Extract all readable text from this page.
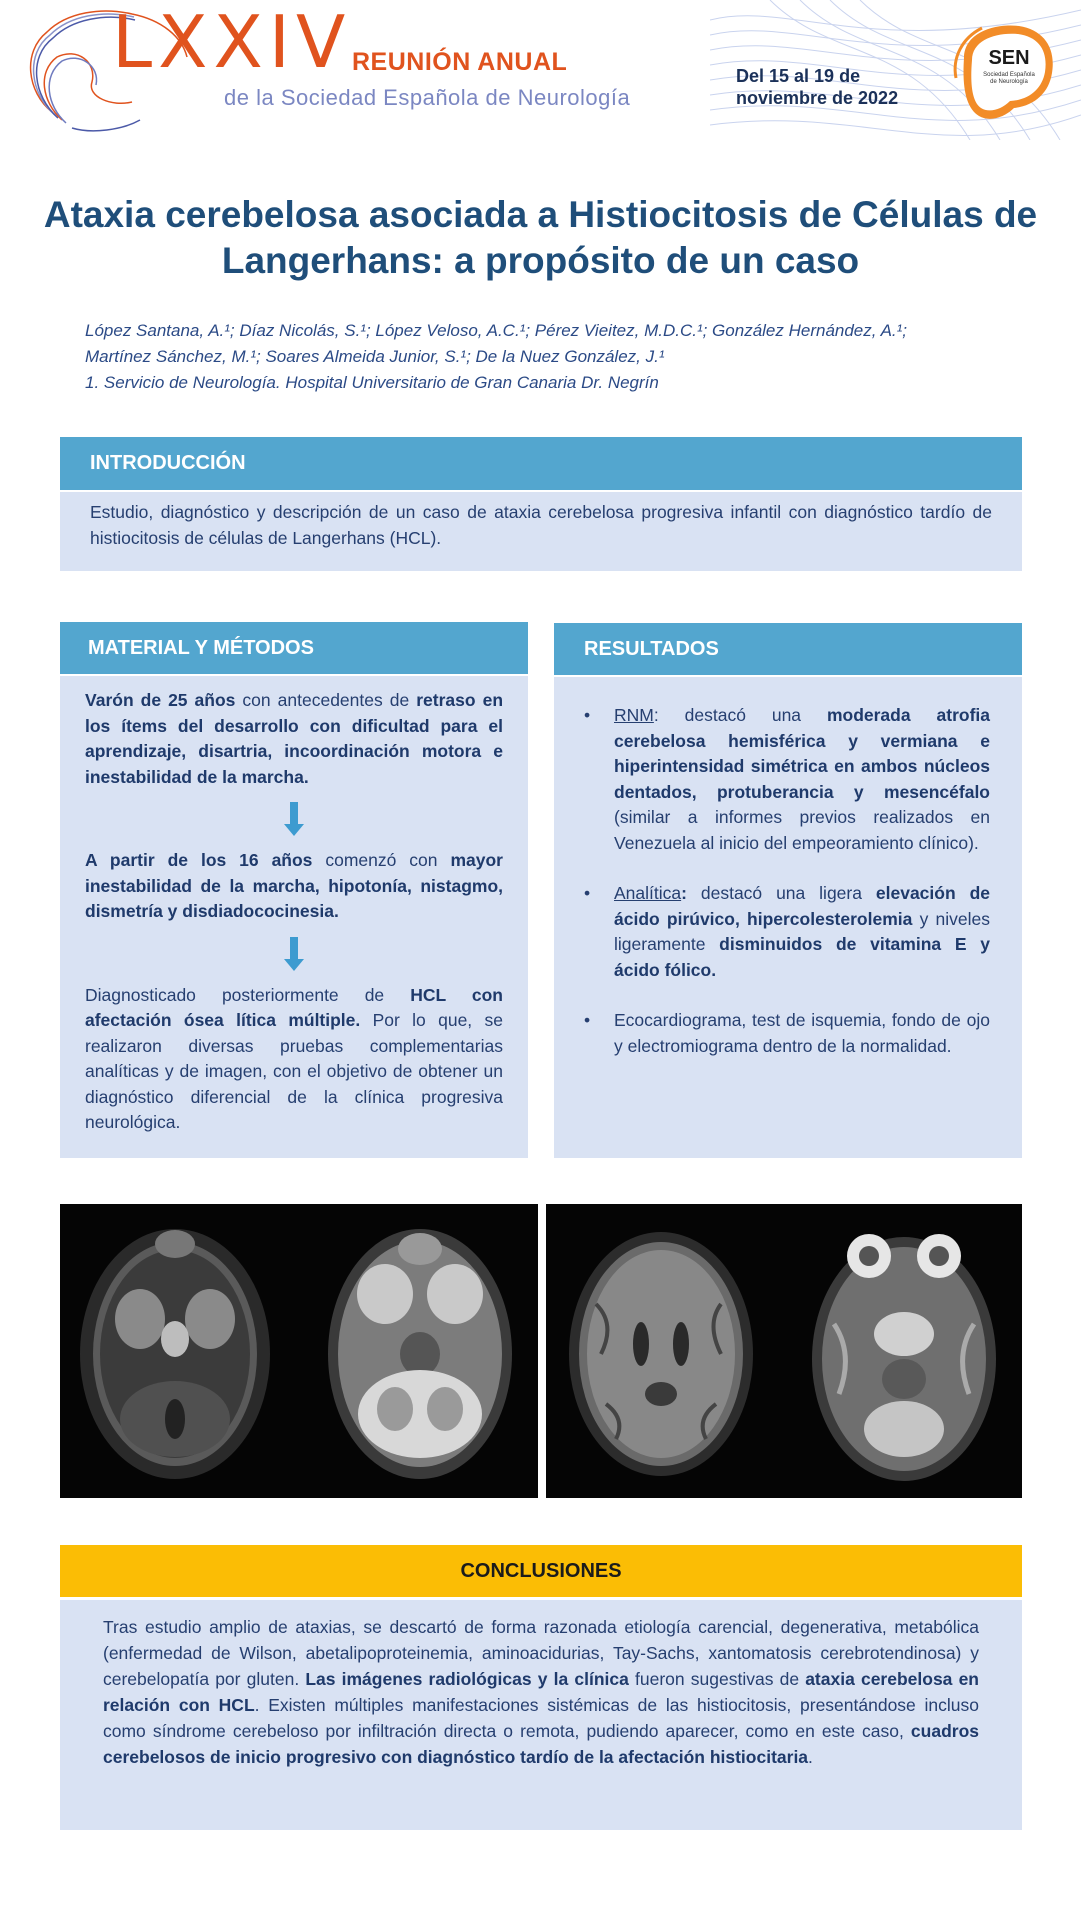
LXXIV REUNIÓN ANUAL
de la Sociedad Española de Neurología
Del 15 al 19 de
noviembre de 2022
SEN
Sociedad Española
de Neurología
Ataxia cerebelosa asociada a Histiocitosis de Células de
Langerhans: a propósito de un caso
López Santana, A.¹; Díaz Nicolás, S.¹; López Veloso, A.C.¹; Pérez Vieitez, M.D.C.¹; González Hernández, A.¹;
Martínez Sánchez, M.¹; Soares Almeida Junior, S.¹; De la Nuez González, J.¹
1. Servicio de Neurología. Hospital Universitario de Gran Canaria Dr. Negrín
INTRODUCCIÓN
Estudio, diagnóstico y descripción de un caso de ataxia cerebelosa progresiva infantil con diagnóstico tardío de histiocitosis de células de Langerhans (HCL).
MATERIAL Y MÉTODOS

Varón de 25 años con antecedentes de retraso en los ítems del desarrollo con dificultad para el aprendizaje, disartria, incoordinación motora e inestabilidad de la marcha.

A partir de los 16 años comenzó con mayor inestabilidad de la marcha, hipotonía, nistagmo, dismetría y disdiadococinesia.

Diagnosticado posteriormente de HCL con afectación ósea lítica múltiple. Por lo que, se realizaron diversas pruebas complementarias analíticas y de imagen, con el objetivo de obtener un diagnóstico diferencial de la clínica progresiva neurológica.

RESULTADOS
• RNM: destacó una moderada atrofia cerebelosa hemisférica y vermiana e hiperintensidad simétrica en ambos núcleos dentados, protuberancia y mesencéfalo (similar a informes previos realizados en Venezuela al inicio del empeoramiento clínico).
• Analítica: destacó una ligera elevación de ácido pirúvico, hipercolesterolemia y niveles ligeramente disminuidos de vitamina E y ácido fólico.
• Ecocardiograma, test de isquemia, fondo de ojo y electromiograma dentro de la normalidad.
CONCLUSIONES
Tras estudio amplio de ataxias, se descartó de forma razonada etiología carencial, degenerativa, metabólica (enfermedad de Wilson, abetalipoproteinemia, aminoacidurias, Tay-Sachs, xantomatosis cerebrotendinosa) y cerebelopatía por gluten. Las imágenes radiológicas y la clínica fueron sugestivas de ataxia cerebelosa en relación con HCL. Existen múltiples manifestaciones sistémicas de las histiocitosis, presentándose incluso como síndrome cerebeloso por infiltración directa o remota, pudiendo aparecer, como en este caso, cuadros cerebelosos de inicio progresivo con diagnóstico tardío de la afectación histiocitaria.
